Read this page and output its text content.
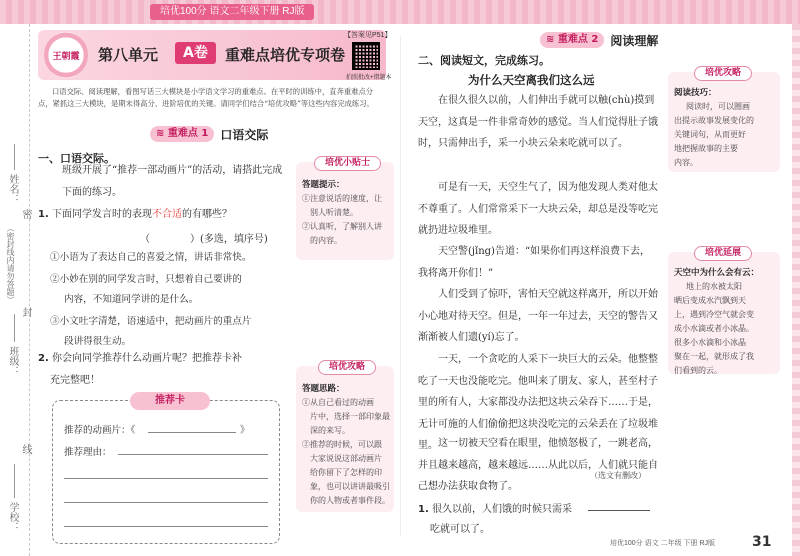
培优100分 语文二年级下册 RJ版
姓名：
（密封线内请勿答题）
密
封
线
班级：
学校：
王朝霞 第八单元	A卷	重难点培优专项卷
【答案见P51】
拍照批改+错题本
口语交际、阅读理解，看图写话三大模块是小学语文学习的重难点。在平时的训练中，直奔重难点分点，紧抓这三大模块，是期末得高分、进阶培优的关键。请同学们结合“培优攻略”等这些内容完成练习。
≋ 重难点 1	口语交际
一、口语交际。
班级开展了“推荐一部动画片”的活动，请搭此完成下面的练习。
1. 下面同学发言时的表现不合适的有哪些？
（　　　　）(多选，填序号)
①小语为了表达自己的喜爱之情，讲话非常快。
②小妙在别的同学发言时，只想着自己要讲的
内容，不知道同学讲的是什么。
③小文吐字清楚，语速适中，把动画片的重点片
段讲得很生动。
2. 你会向同学推荐什么动画片呢？把推荐卡补
充完整吧！
推荐卡
推荐的动画片：《	》
推荐理由：
培优小贴士
答题提示：
①注意说话的速度，让
别人听清楚。
②认真听，了解别人讲
的内容。
培优攻略
答题思路：
①从自己看过的动画
片中，选择一部印象最
深的来写。
②推荐的时候，可以跟
大家说说这部动画片
给你留下了怎样的印
象，也可以讲讲最吸引
你的人物或者事件段。
≋ 重难点 2	阅读理解
二、阅读短文，完成练习。
为什么天空离我们这么远
在很久很久以前，人们伸出手就可以触(chù)摸到天空，这真是一件非常奇妙的感觉。当人们觉得肚子饿时，只需伸出手，采一小块云朵来吃就可以了。
可是有一天，天空生气了，因为他发现人类对他太不尊重了。人们常常采下一大块云朵，却总是没等吃完就扔进垃圾堆里。
天空警(jǐng)告道：“如果你们再这样浪费下去，我将离开你们！”
人们受到了惊吓，害怕天空就这样离开，所以开始小心地对待天空。但是，一年一年过去，天空的警告又渐渐被人们遗(yí)忘了。
一天，一个贪吃的人采下一块巨大的云朵。他整整吃了一天也没能吃完。他叫来了朋友、家人，甚至村子里的所有人，大家都没办法把这块云朵吞下……于是，无计可施的人们偷偷把这块没吃完的云朵丢在了垃圾堆里。 这一切被天空看在眼里，他愤怒极了，一跳老高，并且越来越高，越来越远……从此以后，人们就只能自己想办法获取食物了。
（选文有删改）
1. 很久以前，人们饿的时候只需采
吃就可以了。
培优攻略
阅读技巧：
阅读时，可以圈画
出提示故事发展变化的
关键词句，从而更好
地把握故事的主要
内容。
培优延展
天空中为什么会有云：
地上的水被太阳
晒后变成水汽飘到天
上，遇到冷空气就会变
成小水滴或者小冰晶。
很多小水滴和小冰晶
聚在一起，就形成了我
们看到的云。
培优100分 语文 二年级 下册 RJ版	31
